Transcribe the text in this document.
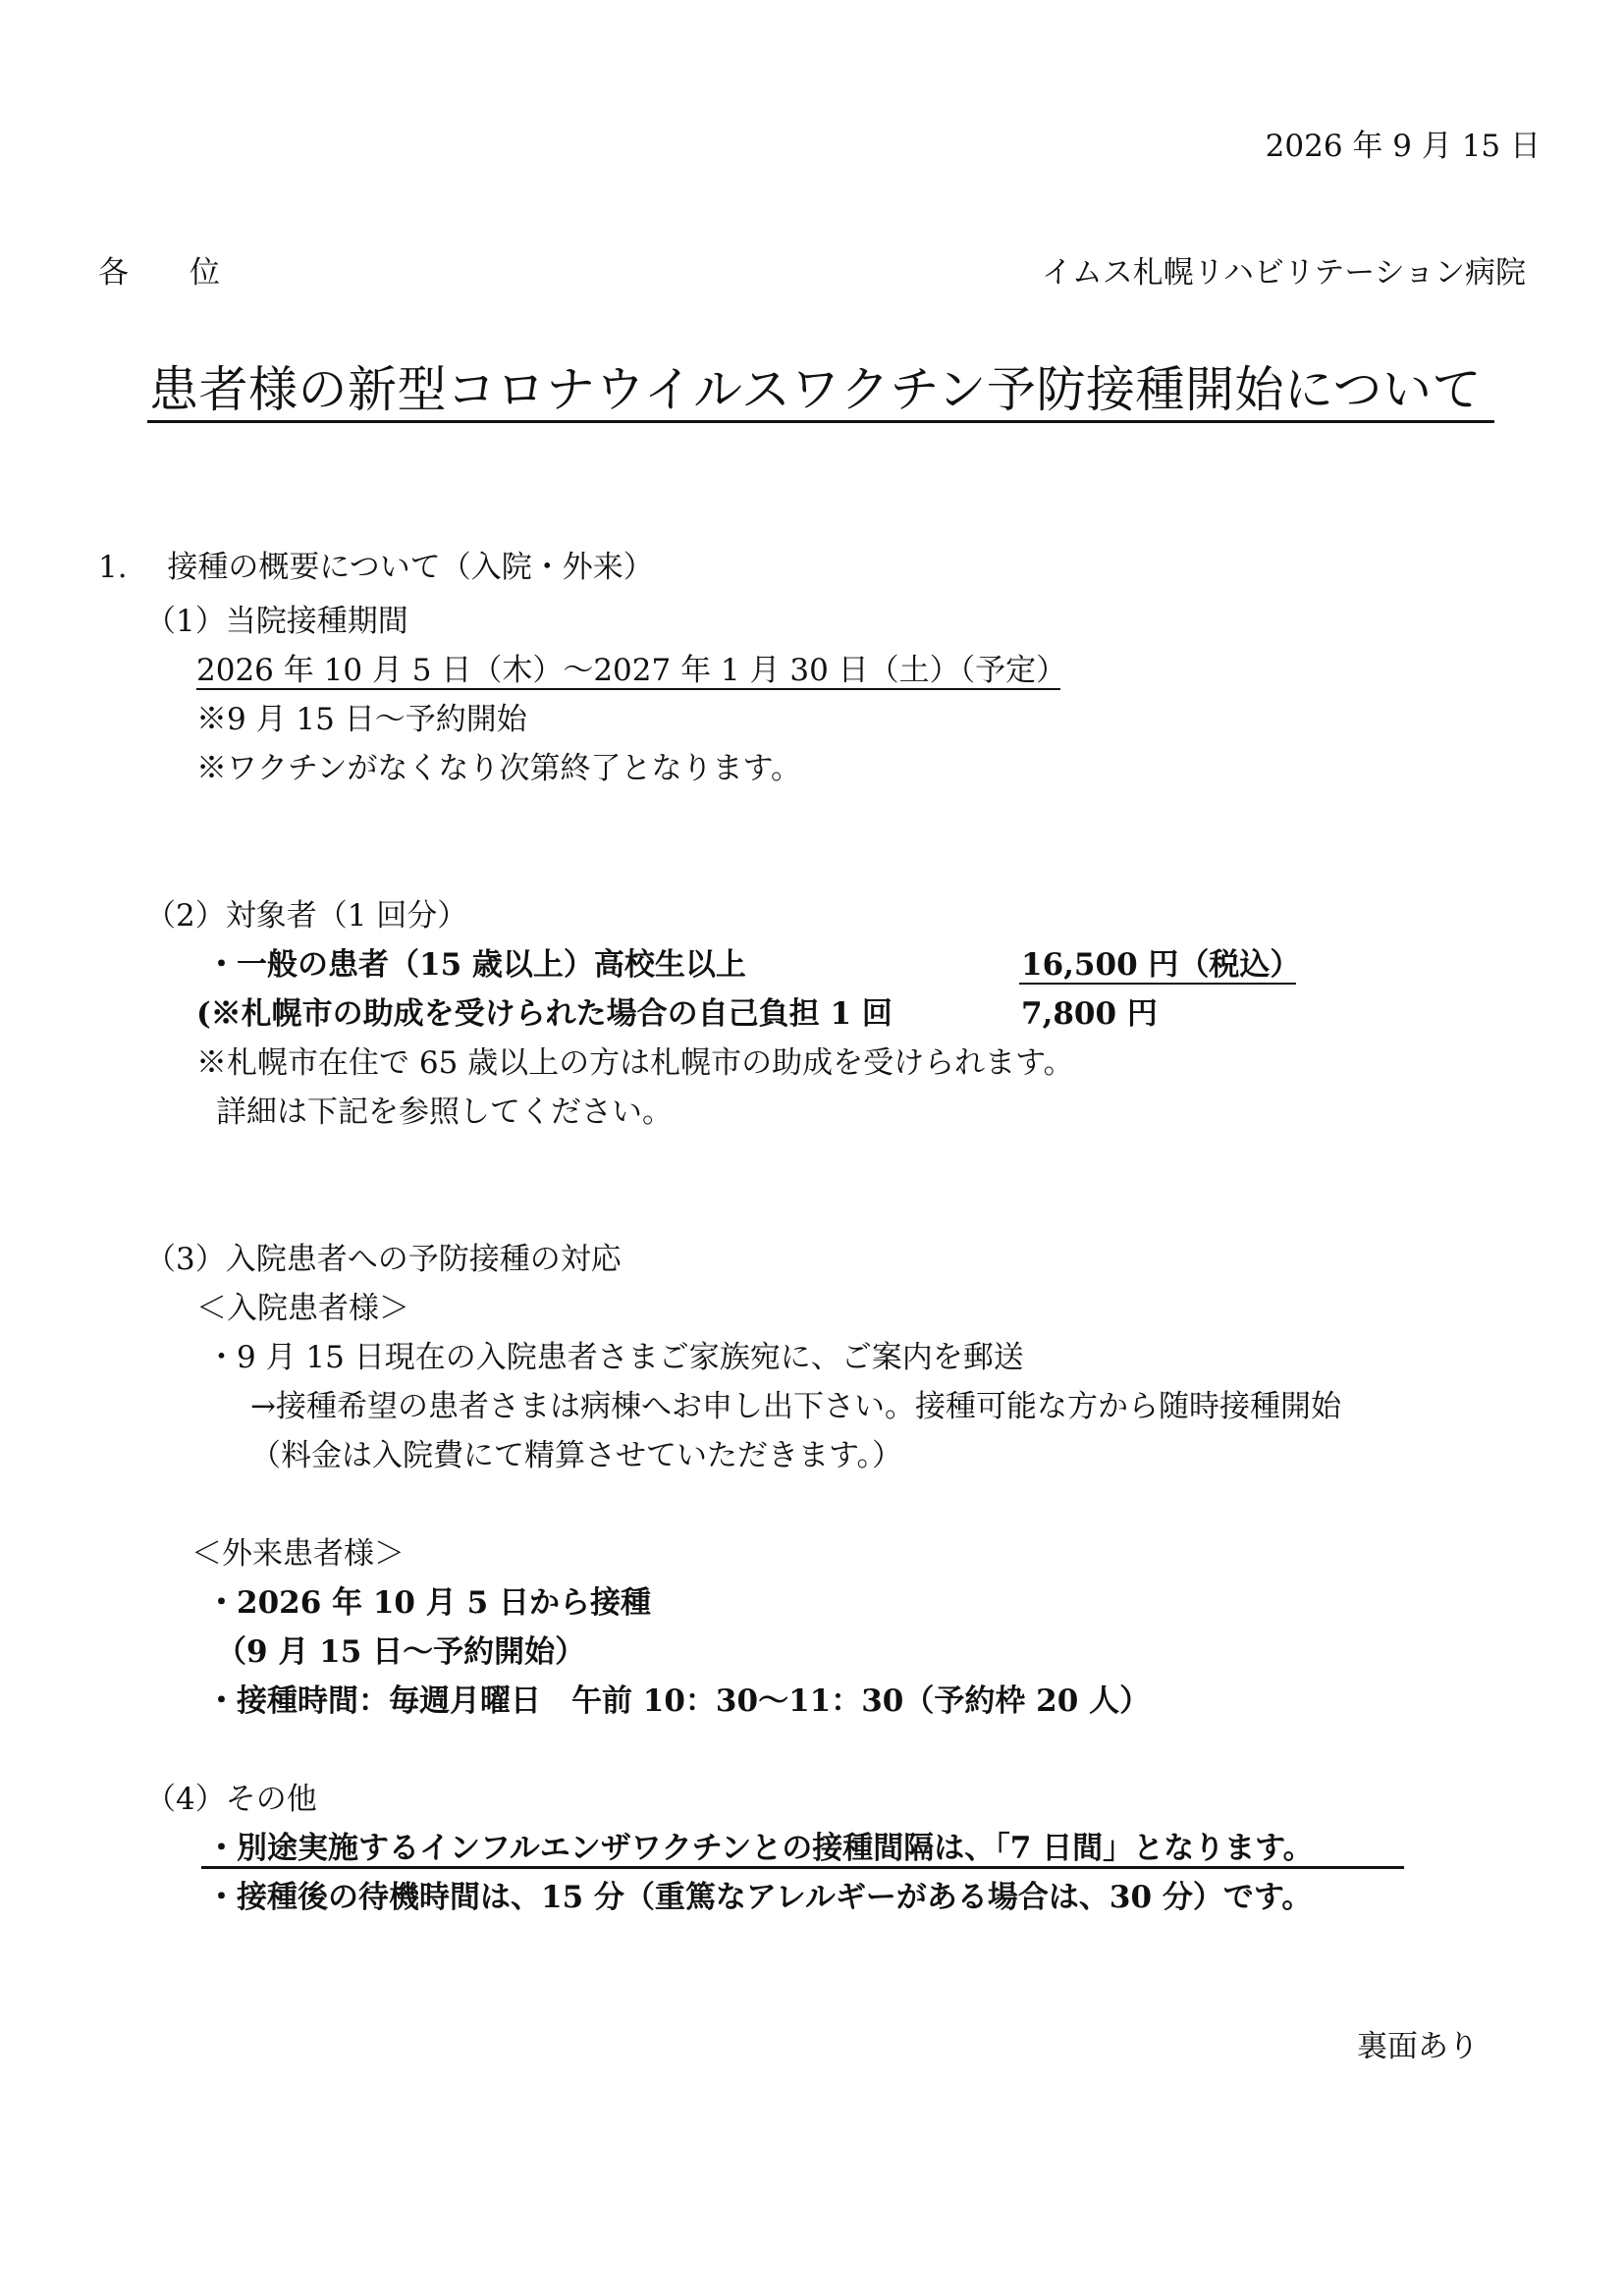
2026 年 9 月 15 日
各　　位	イムス札幌リハビリテーション病院
患者様の新型コロナウイルスワクチン予防接種開始について
1.　 接種の概要について（入院・外来）
（1）当院接種期間
2026 年 10 月 5 日（木）～2027 年 1 月 30 日（土）（予定）
※9 月 15 日～予約開始
※ワクチンがなくなり次第終了となります。
（2）対象者（1 回分）
・一般の患者（15 歳以上）高校生以上	16,500 円（税込）
(※札幌市の助成を受けられた場合の自己負担 1 回	7,800 円
※札幌市在住で 65 歳以上の方は札幌市の助成を受けられます。
詳細は下記を参照してください。
（3）入院患者への予防接種の対応
＜入院患者様＞
・9 月 15 日現在の入院患者さまご家族宛に、ご案内を郵送
→接種希望の患者さまは病棟へお申し出下さい。接種可能な方から随時接種開始
（料金は入院費にて精算させていただきます。）
＜外来患者様＞
・2026 年 10 月 5 日から接種
（9 月 15 日～予約開始）
・接種時間：毎週月曜日　午前 10：30～11：30（予約枠 20 人）
（4）その他
・別途実施するインフルエンザワクチンとの接種間隔は、「7 日間」となります。
・接種後の待機時間は、15 分（重篤なアレルギーがある場合は、30 分）です。
裏面あり
